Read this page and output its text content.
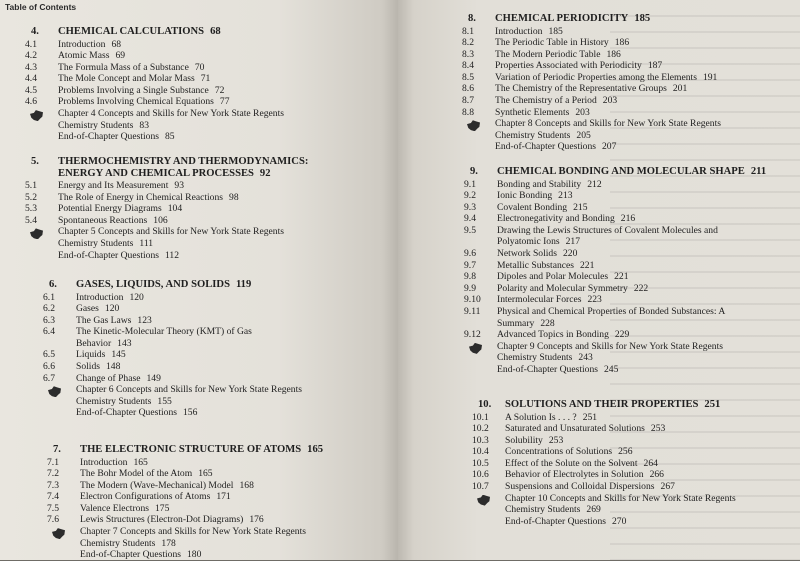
Table of Contents
4. CHEMICAL CALCULATIONS 68
4.1 Introduction 68
4.2 Atomic Mass 69
4.3 The Formula Mass of a Substance 70
4.4 The Mole Concept and Molar Mass 71
4.5 Problems Involving a Single Substance 72
4.6 Problems Involving Chemical Equations 77
Chapter 4 Concepts and Skills for New York State Regents
Chemistry Students 83
End-of-Chapter Questions 85
5. THERMOCHEMISTRY AND THERMODYNAMICS:
ENERGY AND CHEMICAL PROCESSES 92
5.1 Energy and Its Measurement 93
5.2 The Role of Energy in Chemical Reactions 98
5.3 Potential Energy Diagrams 104
5.4 Spontaneous Reactions 106
Chapter 5 Concepts and Skills for New York State Regents
Chemistry Students 111
End-of-Chapter Questions 112
6. GASES, LIQUIDS, AND SOLIDS 119
6.1 Introduction 120
6.2 Gases 120
6.3 The Gas Laws 123
6.4 The Kinetic-Molecular Theory (KMT) of Gas
Behavior 143
6.5 Liquids 145
6.6 Solids 148
6.7 Change of Phase 149
Chapter 6 Concepts and Skills for New York State Regents
Chemistry Students 155
End-of-Chapter Questions 156
7. THE ELECTRONIC STRUCTURE OF ATOMS 165
7.1 Introduction 165
7.2 The Bohr Model of the Atom 165
7.3 The Modern (Wave-Mechanical) Model 168
7.4 Electron Configurations of Atoms 171
7.5 Valence Electrons 175
7.6 Lewis Structures (Electron-Dot Diagrams) 176
Chapter 7 Concepts and Skills for New York State Regents
Chemistry Students 178
End-of-Chapter Questions 180
8. CHEMICAL PERIODICITY 185
8.1 Introduction 185
8.2 The Periodic Table in History 186
8.3 The Modern Periodic Table 186
8.4 Properties Associated with Periodicity 187
8.5 Variation of Periodic Properties among the Elements 191
8.6 The Chemistry of the Representative Groups 201
8.7 The Chemistry of a Period 203
8.8 Synthetic Elements 203
Chapter 8 Concepts and Skills for New York State Regents
Chemistry Students 205
End-of-Chapter Questions 207
9. CHEMICAL BONDING AND MOLECULAR SHAPE 211
9.1 Bonding and Stability 212
9.2 Ionic Bonding 213
9.3 Covalent Bonding 215
9.4 Electronegativity and Bonding 216
9.5 Drawing the Lewis Structures of Covalent Molecules and
Polyatomic Ions 217
9.6 Network Solids 220
9.7 Metallic Substances 221
9.8 Dipoles and Polar Molecules 221
9.9 Polarity and Molecular Symmetry 222
9.10 Intermolecular Forces 223
9.11 Physical and Chemical Properties of Bonded Substances: A
Summary 228
9.12 Advanced Topics in Bonding 229
Chapter 9 Concepts and Skills for New York State Regents
Chemistry Students 243
End-of-Chapter Questions 245
10. SOLUTIONS AND THEIR PROPERTIES 251
10.1 A Solution Is . . . ? 251
10.2 Saturated and Unsaturated Solutions 253
10.3 Solubility 253
10.4 Concentrations of Solutions 256
10.5 Effect of the Solute on the Solvent 264
10.6 Behavior of Electrolytes in Solution 266
10.7 Suspensions and Colloidal Dispersions 267
Chapter 10 Concepts and Skills for New York State Regents
Chemistry Students 269
End-of-Chapter Questions 270
